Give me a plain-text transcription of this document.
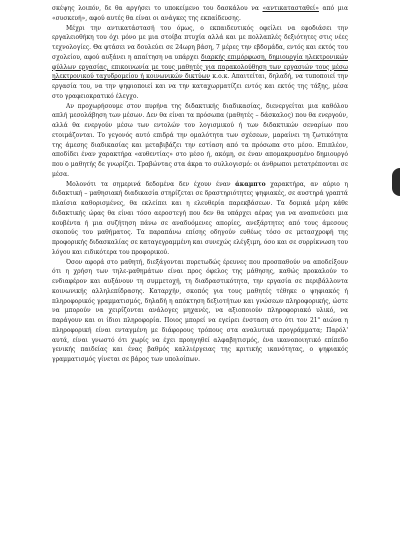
σκέψης λοιπόν, δε θα αργήσει το υποκείμενο του δασκάλου να «αντικατασταθεί» από μια «συσκευή», αφού αυτές θα είναι οι ανάγκες της εκπαίδευσης.

Μέχρι την αντικατάστασή του όμως, ο εκπαιδευτικός οφείλει να εφοδιάσει την εργαλειοθήκη του όχι μόνο με μια στοίβα πτυχία αλλά και με πολλαπλές δεξιότητες στις νέες τεχνολογίες. Θα φτάσει να δουλεύει σε 24ωρη βάση, 7 μέρες την εβδομάδα, εντός και εκτός του σχολείου, αφού αυξάνει η απαίτηση να υπάρχει διαρκής επιμόρφωση, δημιουργία ηλεκτρονικών φύλλων εργασίας, επικοινωνία με τους μαθητές για παρακολούθηση των εργασιών τους μέσω ηλεκτρονικού ταχυδρομείου ή κοινωνικών δικτύων κ.ο.κ. Απαιτείται, δηλαδή, να τυποποιεί την εργασία του, να την ψηφιοποιεί και να την καταχωρματίζει εντός και εκτός της τάξης, μέσα στο γραφειοκρατικό έλεγχο.

Αν προχωρήσουμε στον πυρήνα της διδακτικής διαδικασίας, διενεργείται μια καθόλου απλή μεσολάβηση των μέσων. Δεν θα είναι τα πρόσωπα (μαθητές – δάσκαλος) που θα ενεργούν, αλλά θα ενεργούν μέσω των εντολών του λογισμικού ή των διδακτικών σεναρίων που ετοιμάζονται. Το γεγονός αυτό επιδρά την ομαλότητα των σχέσεων, μαραίνει τη ζωτικότητα της άμεσης διαδικασίας και μεταβιβάζει την εστίαση από τα πρόσωπα στο μέσο. Επιπλέον, αποδίδει έναν χαρακτήρα «αυθεντίας» στο μέσο ή, ακόμη, σε έναν απομακρυσμένο δημιουργό που ο μαθητής δε γνωρίζει. Τραβώντας στα άκρα το συλλογισμό: οι άνθρωποι μετατρέπονται σε μέσα.

Μολονότι τα σημερινά δεδομένα δεν έχουν έναν άκαμπτο χαρακτήρα, αν αύριο η διδακτική – μαθησιακή διαδικασία στηρίζεται σε δραστηριότητες ψηφιακές, σε αυστηρά γραπτά πλαίσια καθορισμένες, θα εκλείπει και η ελευθερία παρεκβάσεων. Τα δομικά μέρη κάθε διδακτικής ώρας θα είναι τόσο αεροστεγή που δεν θα υπάρχει αέρας για να αναπνεύσει μια κουβέντα ή μια συζήτηση πάνω σε αναδυόμενες απορίες, ανεξάρτητες από τους άμεσους σκοπούς του μαθήματος. Τα παραπάνω επίσης οδηγούν ευθέως τόσο σε μετασχροφή της προφορικής διδασκαλίας σε καταγεγραμμένη και συνεχώς ελέγξιμη, όσο και σε συρρίκνωση του λόγου και ειδικότερα του προφορικού.

Όσον αφορά στο μαθητή, διεξάγονται πυρετωδώς έρευνες που προσπαθούν να αποδείξουν ότι η χρήση των τηλε-μαθημάτων είναι προς όφελος της μάθησης, καθώς προκαλούν το ενδιαφέρον και αυξάνουν τη συμμετοχή, τη διαδραστικότητα, την εργασία σε περιβάλλοντα κοινωνικής αλληλεπίδρασης. Καταρχήν, σκοπός για τους μαθητές τέθηκε ο ψηφιακός ή πληροφορικός γραμματισμός, δηλαδή η απόκτηση δεξιοτήτων και γνώσεων πληροφορικής, ώστε να μπορούν να χειρίζονται ανάλογες μηχανές, να αξιοποιούν πληροφοριακό υλικό, να παράγουν και οι ίδιοι πληροφορία. Ποιος μπορεί να εγείρει ένσταση στο ότι τον $21^o$ αιώνα η πληροφορική είναι ενταγμένη με διάφορους τρόπους στα αναλυτικά προγράμματα; Παρόλ' αυτά, είναι γνωστό ότι χωρίς να έχει προηγηθεί αλφαβητισμός, ένα ικανοποιητικό επίπεδο γενικής παιδείας και ένας βαθμός καλλιέργειας της κριτικής ικανότητας, ο ψηφιακός γραμματισμός γίνεται σε βάρος των υπολοίπων.
